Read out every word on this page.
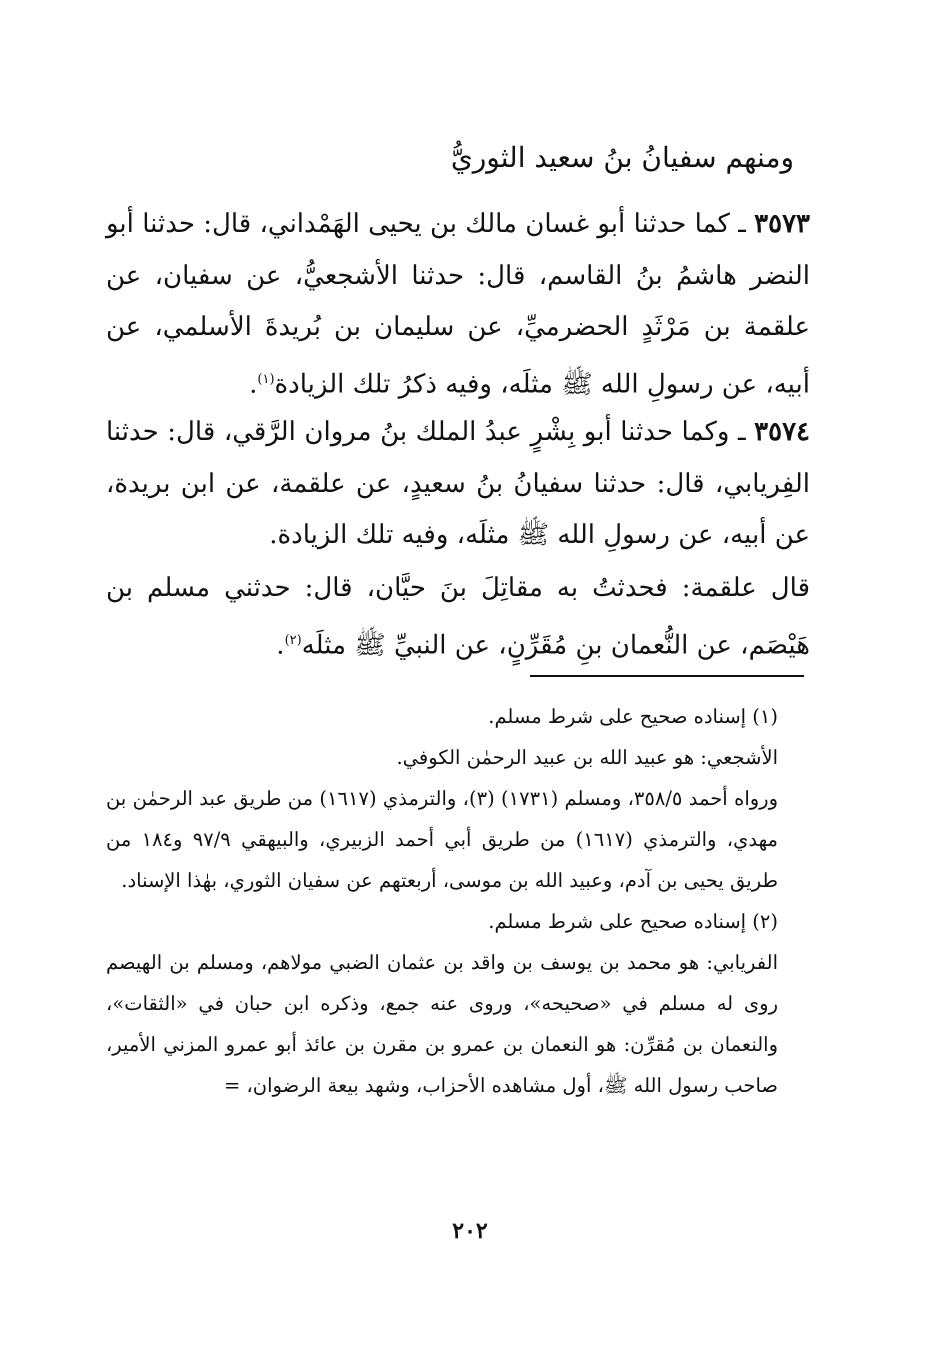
ومنهم سفيانُ بنُ سعيد الثوريُّ
٣٥٧٣ ـ كما حدثنا أبو غسان مالك بن يحيى الهَمْداني، قال: حدثنا أبو النضر هاشمُ بنُ القاسم، قال: حدثنا الأشجعيُّ، عن سفيان، عن علقمة بن مَرْثَدٍ الحضرميِّ، عن سليمان بن بُريدةَ الأسلمي، عن أبيه، عن رسولِ الله ﷺ مثلَه، وفيه ذكرُ تلك الزيادة$^{(١)}$.
٣٥٧٤ ـ وكما حدثنا أبو بِشْرٍ عبدُ الملك بنُ مروان الرَّقي، قال: حدثنا الفِريابي، قال: حدثنا سفيانُ بنُ سعيدٍ، عن علقمة، عن ابن بريدة، عن أبيه، عن رسولِ الله ﷺ مثلَه، وفيه تلك الزيادة.
قال علقمة: فحدثتُ به مقاتِلَ بنَ حيَّان، قال: حدثني مسلم بن هَيْصَم، عن النُّعمان بنِ مُقَرِّنٍ، عن النبيِّ ﷺ مثلَه$^{(٢)}$.

(١) إسناده صحيح على شرط مسلم.

الأشجعي: هو عبيد الله بن عبيد الرحمٰن الكوفي.

ورواه أحمد ٣٥٨/٥، ومسلم (١٧٣١) (٣)، والترمذي (١٦١٧) من طريق عبد الرحمٰن بن مهدي، والترمذي (١٦١٧) من طريق أبي أحمد الزبيري، والبيهقي ٩٧/٩ و١٨٤ من طريق يحيى بن آدم، وعبيد الله بن موسى، أربعتهم عن سفيان الثوري، بهٰذا الإسناد.

(٢) إسناده صحيح على شرط مسلم.

الفريابي: هو محمد بن يوسف بن واقد بن عثمان الضبي مولاهم، ومسلم بن الهيصم روى له مسلم في «صحيحه»، وروى عنه جمع، وذكره ابن حبان في «الثقات»، والنعمان بن مُقرِّن: هو النعمان بن عمرو بن مقرن بن عائذ أبو عمرو المزني الأمير، صاحب رسول الله ﷺ، أول مشاهده الأحزاب، وشهد بيعة الرضوان، =

٢٠٢
